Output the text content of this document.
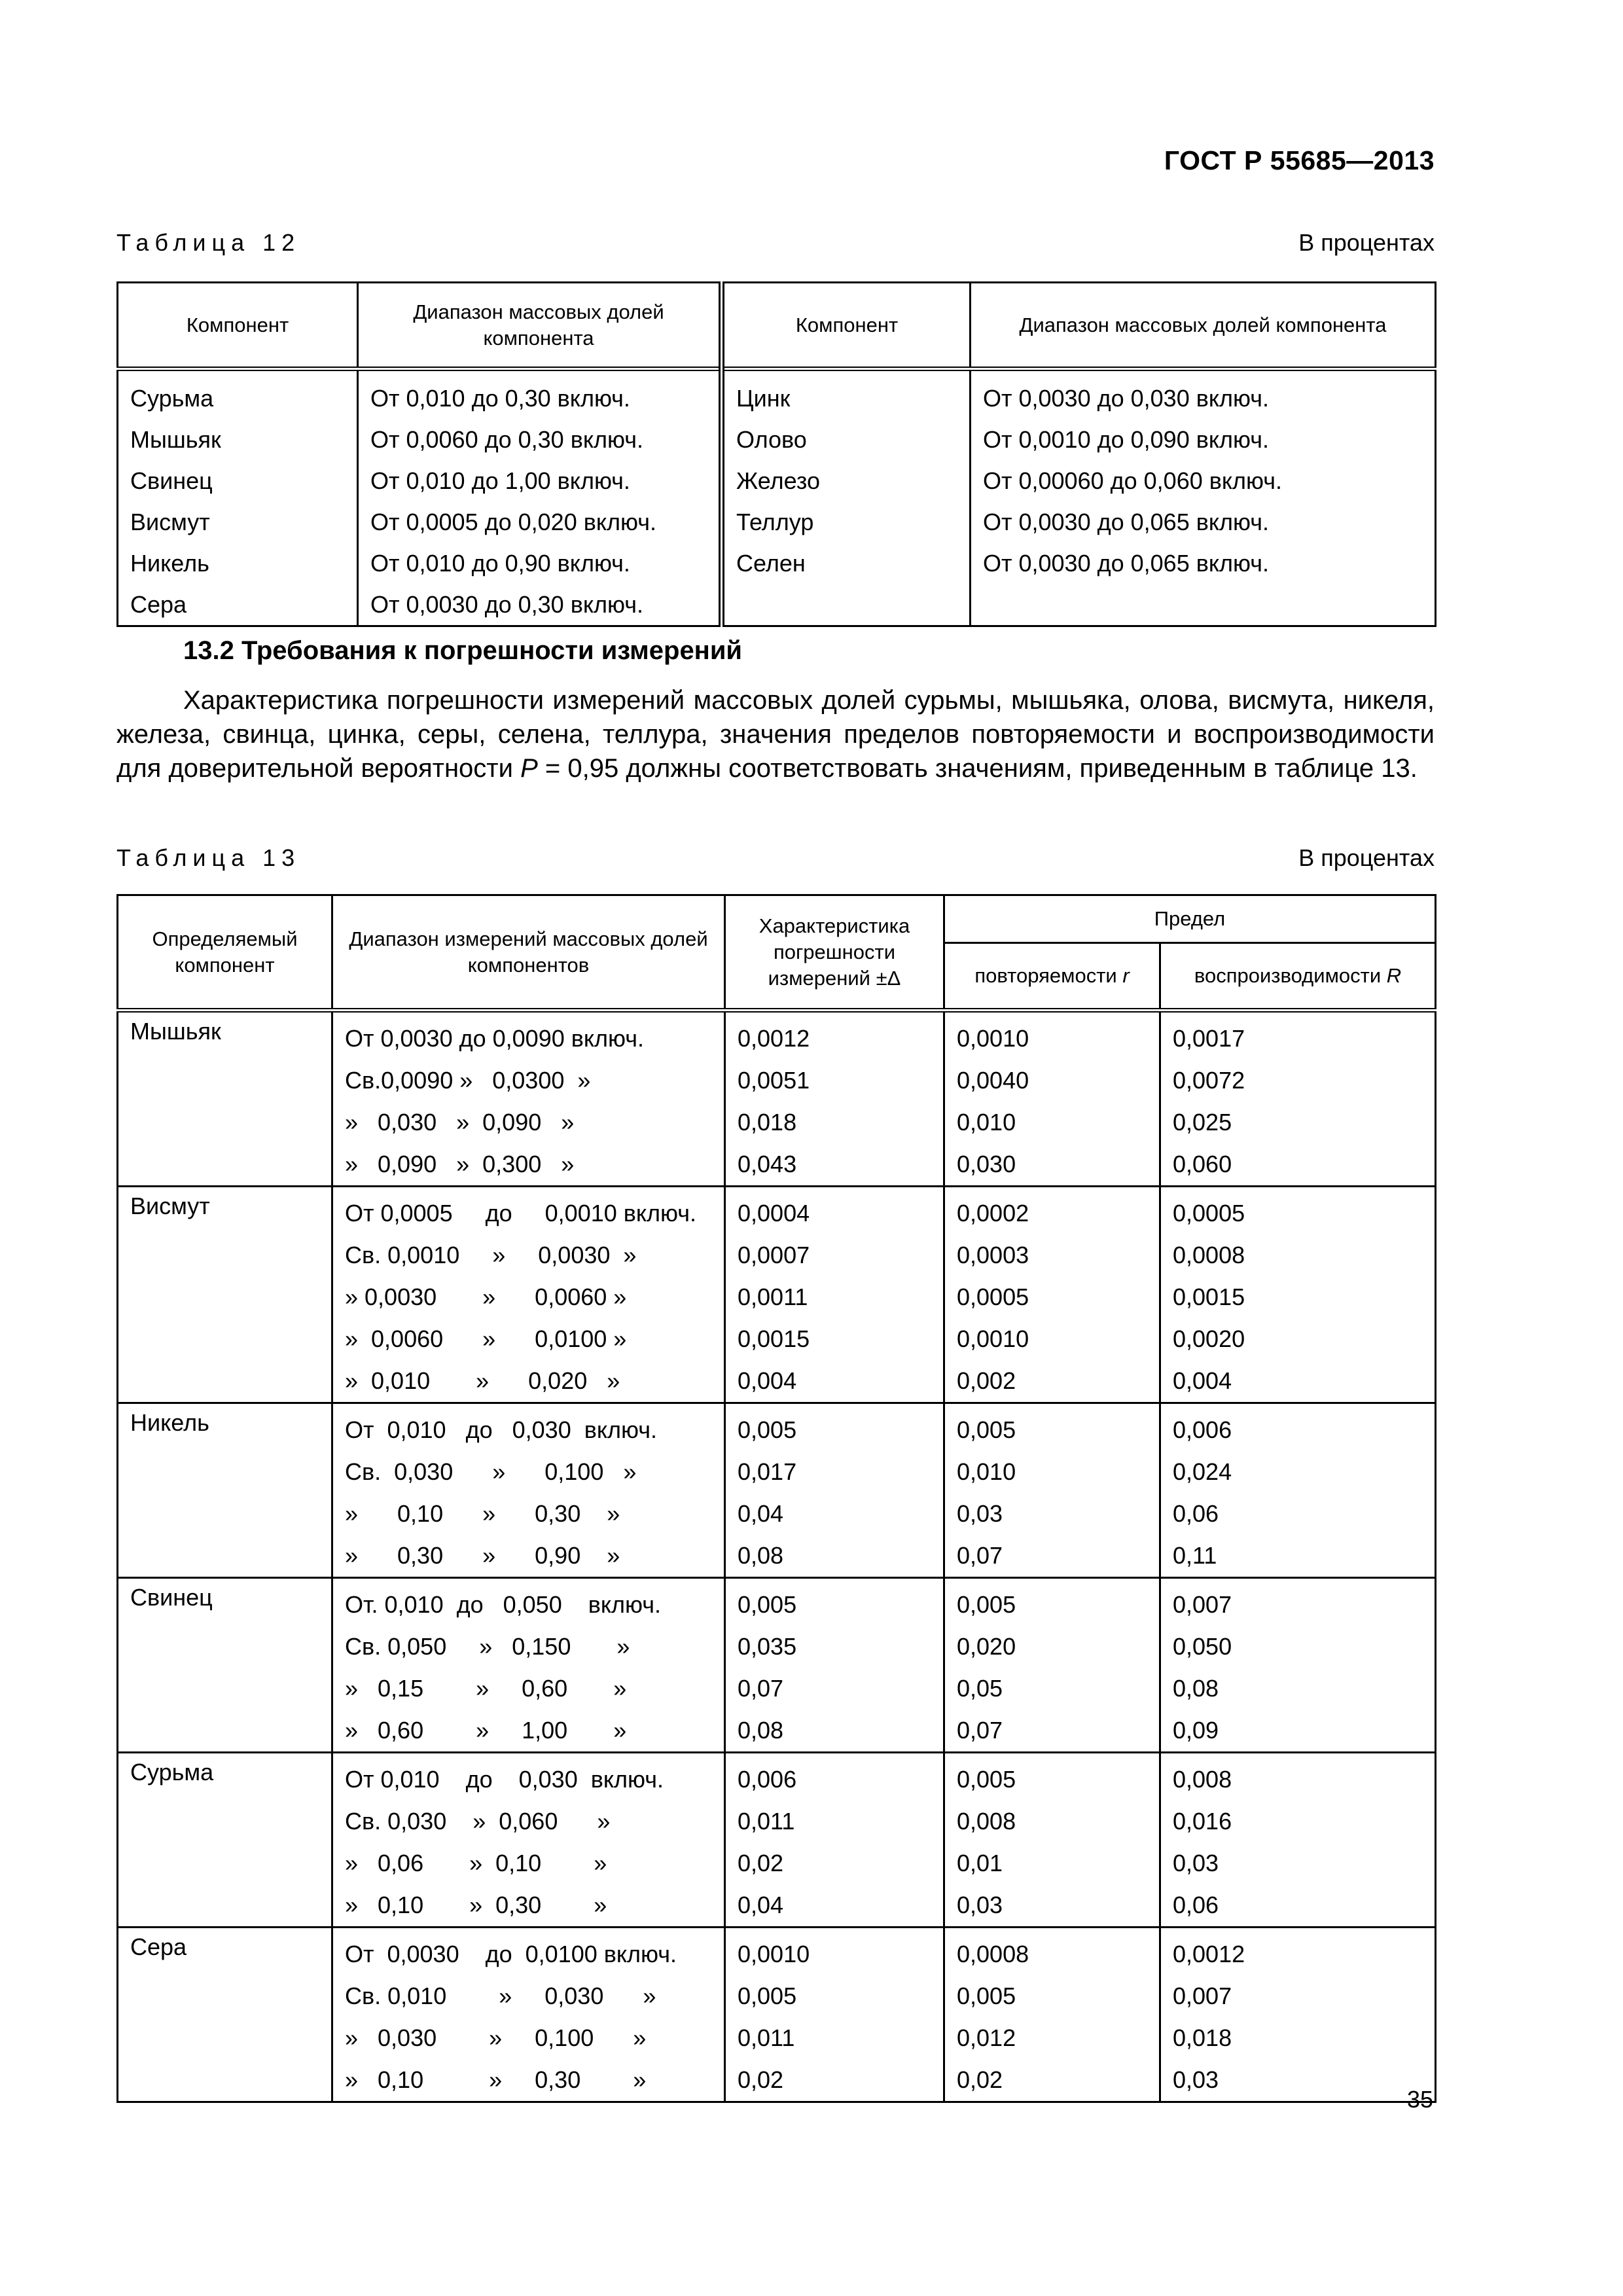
ГОСТ Р 55685—2013
Таблица 12	В процентах
Компонент	Диапазон массовых долей компонента	Компонент	Диапазон массовых долей компонента
Сурьма	От 0,010 до 0,30 включ.	Цинк	От 0,0030 до 0,030 включ.
Мышьяк	От 0,0060 до 0,30 включ.	Олово	От 0,0010 до 0,090 включ.
Свинец	От 0,010 до 1,00 включ.	Железо	От 0,00060 до 0,060 включ.
Висмут	От 0,0005 до 0,020 включ.	Теллур	От 0,0030 до 0,065 включ.
Никель	От 0,010 до 0,90 включ.	Селен	От 0,0030 до 0,065 включ.
Сера	От 0,0030 до 0,30 включ.		
13.2 Требования к погрешности измерений

Характеристика погрешности измерений массовых долей сурьмы, мышьяка, олова, висмута, никеля, железа, свинца, цинка, серы, селена, теллура, значения пределов повторяемости и воспроизводимости для доверительной вероятности P = 0,95 должны соответствовать значениям, приведенным в таблице 13.

Таблица 13	В процентах
Определяемый компонент	Диапазон измерений массовых долей компонентов	Характеристика погрешности измерений ±Δ	Предел	
			повторяемости r	воспроизводимости R
Мышьяк	От 0,0030 до 0,0090 включ.	0,0012	0,0010	0,0017
	Св.0,0090 »   0,0300  »	0,0051	0,0040	0,0072
	»   0,030   »  0,090   »	0,018	0,010	0,025
	»   0,090   »  0,300   »	0,043	0,030	0,060
Висмут	От 0,0005     до     0,0010 включ.	0,0004	0,0002	0,0005
	Св. 0,0010     »     0,0030  »	0,0007	0,0003	0,0008
	» 0,0030       »      0,0060 »	0,0011	0,0005	0,0015
	»  0,0060      »      0,0100 »	0,0015	0,0010	0,0020
	»  0,010       »      0,020   »	0,004	0,002	0,004
Никель	От  0,010   до   0,030  включ.	0,005	0,005	0,006
	Св.  0,030      »      0,100   »	0,017	0,010	0,024
	»      0,10      »      0,30    »	0,04	0,03	0,06
	»      0,30      »      0,90    »	0,08	0,07	0,11
Свинец	От. 0,010  до   0,050    включ.	0,005	0,005	0,007
	Св. 0,050     »   0,150       »	0,035	0,020	0,050
	»   0,15        »     0,60       »	0,07	0,05	0,08
	»   0,60        »     1,00       »	0,08	0,07	0,09
Сурьма	От 0,010    до    0,030  включ.	0,006	0,005	0,008
	Св. 0,030    »  0,060      »	0,011	0,008	0,016
	»   0,06       »  0,10        »	0,02	0,01	0,03
	»   0,10       »  0,30        »	0,04	0,03	0,06
Сера	От  0,0030    до  0,0100 включ.	0,0010	0,0008	0,0012
	Св. 0,010        »     0,030      »	0,005	0,005	0,007
	»   0,030        »     0,100      »	0,011	0,012	0,018
	»   0,10          »     0,30        »	0,02	0,02	0,03
35
